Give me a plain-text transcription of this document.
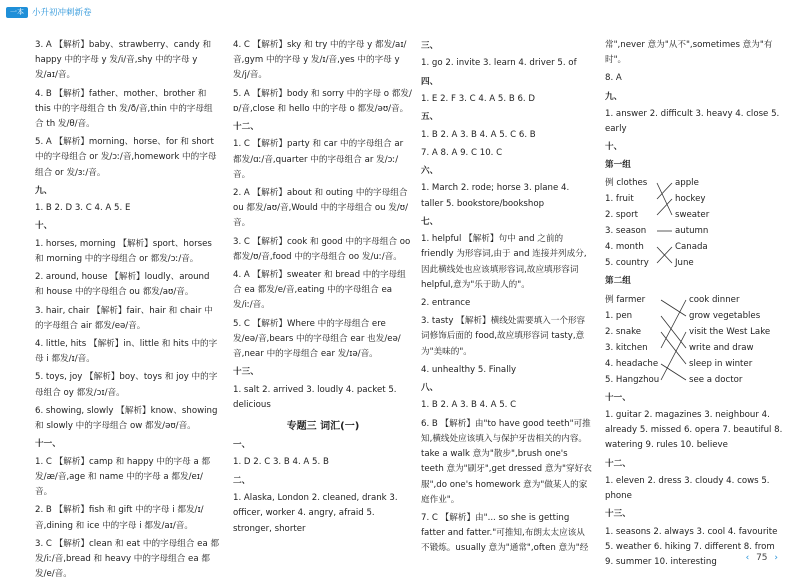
一本 小升初冲刺新卷
3. A 【解析】baby、strawberry、candy 和 happy 中的字母 y 发/i/音,shy 中的字母 y 发/aɪ/音。
4. B 【解析】father、mother、brother 和 this 中的字母组合 th 发/ð/音,thin 中的字母组合 th 发/θ/音。
5. A 【解析】morning、horse、for 和 short 中的字母组合 or 发/ɔː/音,homework 中的字母组合 or 发/ɜː/音。
九、
1. B 2. D 3. C 4. A 5. E
十、
1. horses, morning 【解析】sport、horses 和 morning 中的字母组合 or 都发/ɔː/音。
2. around, house 【解析】loudly、around 和 house 中的字母组合 ou 都发/aʊ/音。
3. hair, chair 【解析】fair、hair 和 chair 中的字母组合 air 都发/eə/音。
4. little, hits 【解析】in、little 和 hits 中的字母 i 都发/ɪ/音。
5. toys, joy 【解析】boy、toys 和 joy 中的字母组合 oy 都发/ɔɪ/音。
6. showing, slowly 【解析】know、showing 和 slowly 中的字母组合 ow 都发/əʊ/音。
十一、
1. C 【解析】camp 和 happy 中的字母 a 都发/æ/音,age 和 name 中的字母 a 都发/eɪ/音。
2. B 【解析】fish 和 gift 中的字母 i 都发/ɪ/音,dining 和 ice 中的字母 i 都发/aɪ/音。
3. C 【解析】clean 和 eat 中的字母组合 ea 都发/iː/音,bread 和 heavy 中的字母组合 ea 都发/e/音。
4. C 【解析】sky 和 try 中的字母 y 都发/aɪ/音,gym 中的字母 y 发/ɪ/音,yes 中的字母 y 发/j/音。
5. A 【解析】body 和 sorry 中的字母 o 都发/ɒ/音,close 和 hello 中的字母 o 都发/əʊ/音。
十二、
1. C 【解析】party 和 car 中的字母组合 ar 都发/ɑː/音,quarter 中的字母组合 ar 发/ɔː/音。
2. A 【解析】about 和 outing 中的字母组合 ou 都发/aʊ/音,Would 中的字母组合 ou 发/ʊ/音。
3. C 【解析】cook 和 good 中的字母组合 oo 都发/ʊ/音,food 中的字母组合 oo 发/uː/音。
4. A 【解析】sweater 和 bread 中的字母组合 ea 都发/e/音,eating 中的字母组合 ea 发/iː/音。
5. C 【解析】Where 中的字母组合 ere 发/eə/音,bears 中的字母组合 ear 也发/eə/音,near 中的字母组合 ear 发/ɪə/音。
十三、
1. salt 2. arrived 3. loudly 4. packet 5. delicious
专题三 词汇(一)
一、
1. D 2. C 3. B 4. A 5. B
二、
1. Alaska, London 2. cleaned, drank 3. officer, worker 4. angry, afraid 5. stronger, shorter
三、
1. go 2. invite 3. learn 4. driver 5. of
四、
1. E 2. F 3. C 4. A 5. B 6. D
五、
1. B 2. A 3. B 4. A 5. C 6. B
7. A 8. A 9. C 10. C
六、
1. March 2. rode; horse 3. plane 4. taller 5. bookstore/bookshop
七、
1. helpful 【解析】句中 and 之前的 friendly 为形容词,由于 and 连接并列成分,因此横线处也应该填形容词,故应填形容词 helpful,意为"乐于助人的"。
2. entrance
3. tasty 【解析】横线处需要填入一个形容词修饰后面的 food,故应填形容词 tasty,意为"美味的"。
4. unhealthy 5. Finally
八、
1. B 2. A 3. B 4. A 5. C
6. B 【解析】由"to have good teeth"可推知,横线处应该填入与保护牙齿相关的内容。take a walk 意为"散步",brush one's teeth 意为"刷牙",get dressed 意为"穿好衣服",do one's homework 意为"做某人的家庭作业"。
7. C 【解析】由"... so she is getting fatter and fatter."可推知,布朗太太应该从不锻炼。usually 意为"通常",often 意为"经
常",never 意为"从不",sometimes 意为"有时"。
8. A
九、
1. answer 2. difficult 3. heavy 4. close 5. early
十、
第一组
例 clothes
1. fruit
2. sport
3. season
4. month
5. country
apple
hockey
sweater
autumn
Canada
June
第二组
例 farmer
1. pen
2. snake
3. kitchen
4. headache
5. Hangzhou
cook dinner
grow vegetables
visit the West Lake
write and draw
sleep in winter
see a doctor
十一、
1. guitar 2. magazines 3. neighbour 4. already 5. missed 6. opera 7. beautiful 8. watering 9. rules 10. believe
十二、
1. eleven 2. dress 3. cloudy 4. cows 5. phone
十三、
1. seasons 2. always 3. cool 4. favourite 5. weather 6. hiking 7. different 8. from 9. summer 10. interesting	‹ 75 ›
